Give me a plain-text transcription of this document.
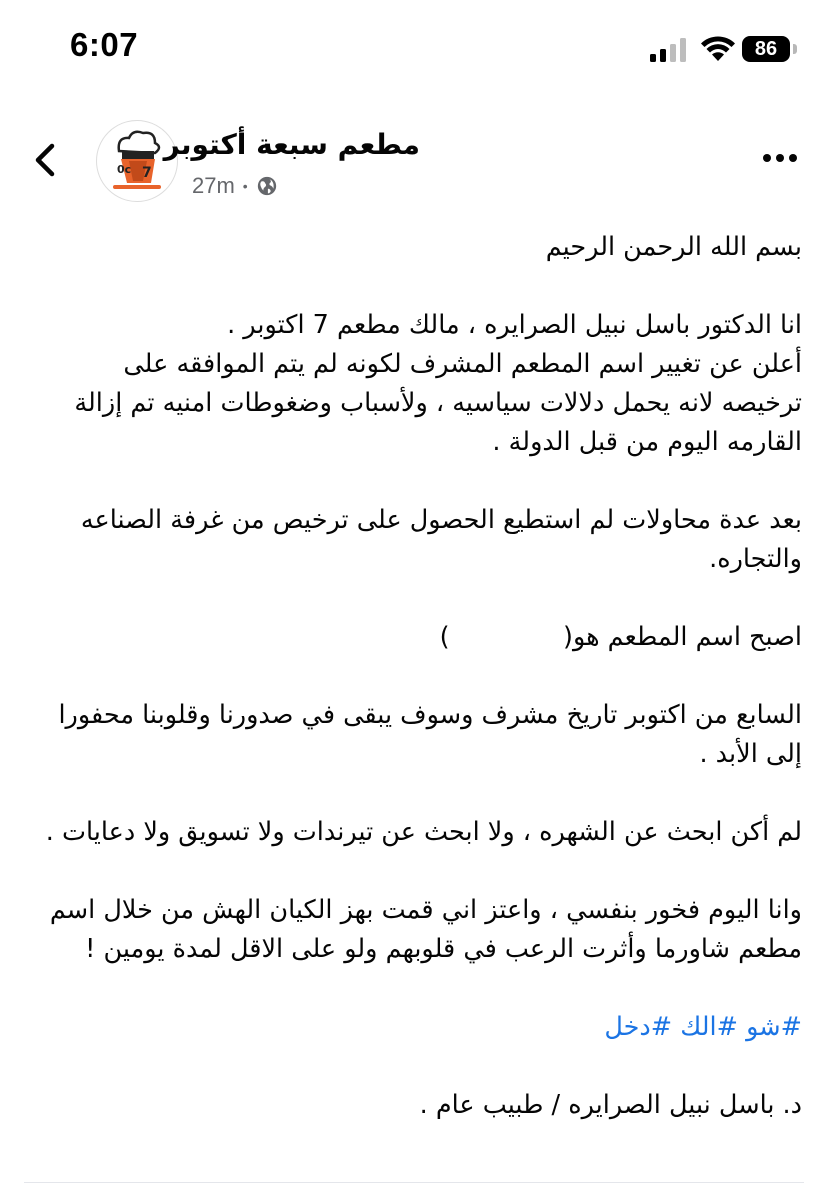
6:07	86
0c 7
مطعم سبعة أكتوبر
27m •

بسم الله الرحمن الرحيم

انا الدكتور باسل نبيل الصرايره ، مالك مطعم 7 اكتوبر .

أعلن عن تغيير اسم المطعم المشرف لكونه لم يتم الموافقه على ترخيصه لانه يحمل دلالات سياسيه ، ولأسباب وضغوطات امنيه تم إزالة القارمه اليوم من قبل الدولة .

بعد عدة محاولات لم استطيع الحصول على ترخيص من غرفة الصناعه والتجاره.

اصبح اسم المطعم هو(              )

السابع من اكتوبر تاريخ مشرف وسوف يبقى في صدورنا وقلوبنا محفورا إلى الأبد .

لم أكن ابحث عن الشهره ، ولا ابحث عن تيرندات ولا تسويق ولا دعايات .

وانا اليوم فخور بنفسي ، واعتز اني قمت بهز الكيان الهش من خلال اسم مطعم شاورما وأثرت الرعب في قلوبهم ولو على الاقل لمدة يومين !

#شو #الك #دخل

د. باسل نبيل الصرايره / طبيب عام .
